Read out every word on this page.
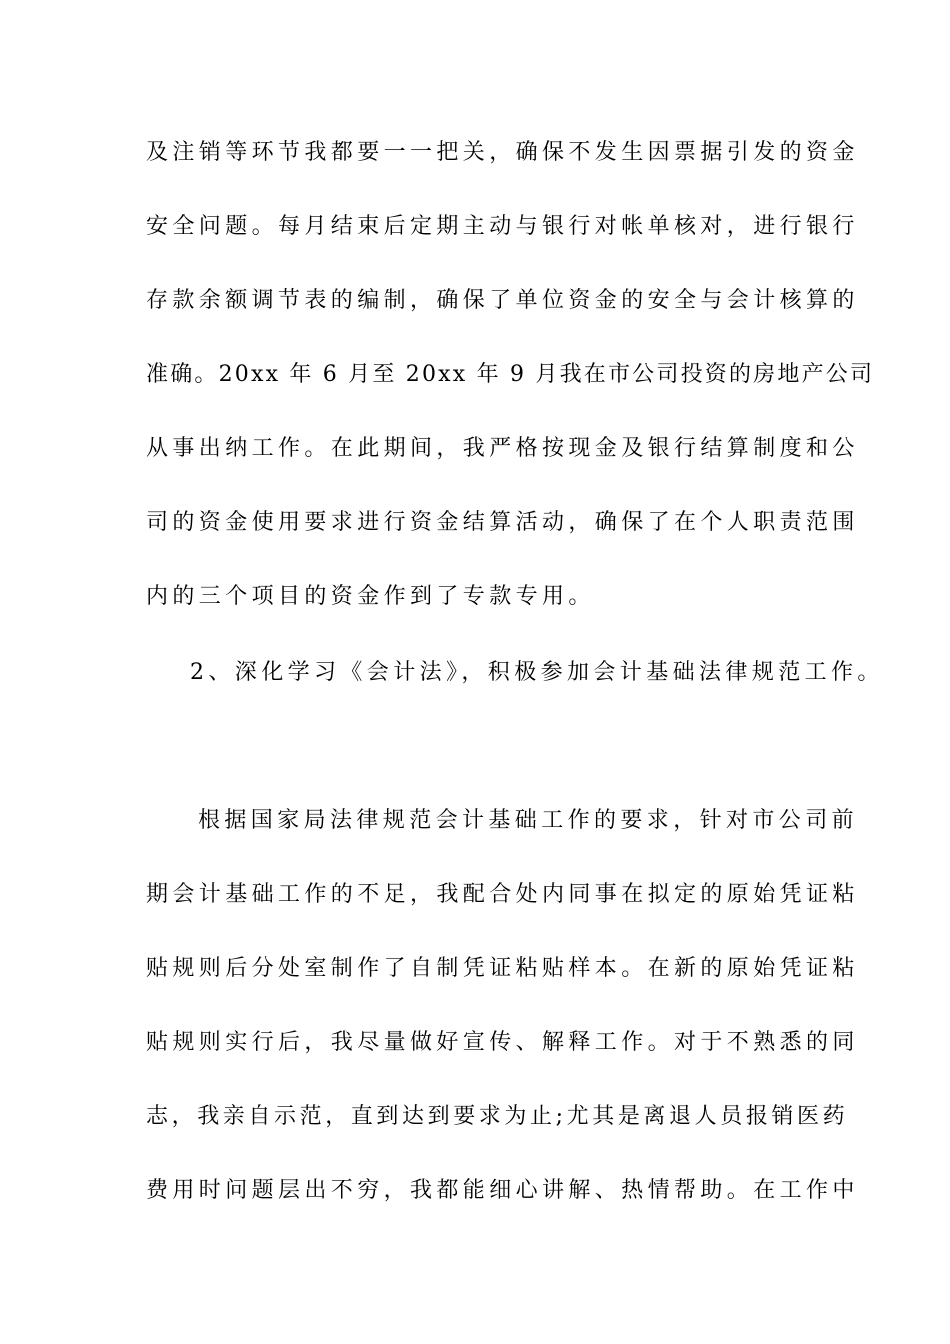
及注销等环节我都要一一把关，确保不发生因票据引发的资金
安全问题。每月结束后定期主动与银行对帐单核对，进行银行
存款余额调节表的编制，确保了单位资金的安全与会计核算的
准确。20xx 年 6 月至 20xx 年 9 月我在市公司投资的房地产公司
从事出纳工作。在此期间，我严格按现金及银行结算制度和公
司的资金使用要求进行资金结算活动，确保了在个人职责范围
内的三个项目的资金作到了专款专用。
2、深化学习《会计法》，积极参加会计基础法律规范工作。
根据国家局法律规范会计基础工作的要求，针对市公司前
期会计基础工作的不足，我配合处内同事在拟定的原始凭证粘
贴规则后分处室制作了自制凭证粘贴样本。在新的原始凭证粘
贴规则实行后，我尽量做好宣传、解释工作。对于不熟悉的同
志，我亲自示范，直到达到要求为止;尤其是离退人员报销医药
费用时问题层出不穷，我都能细心讲解、热情帮助。在工作中
